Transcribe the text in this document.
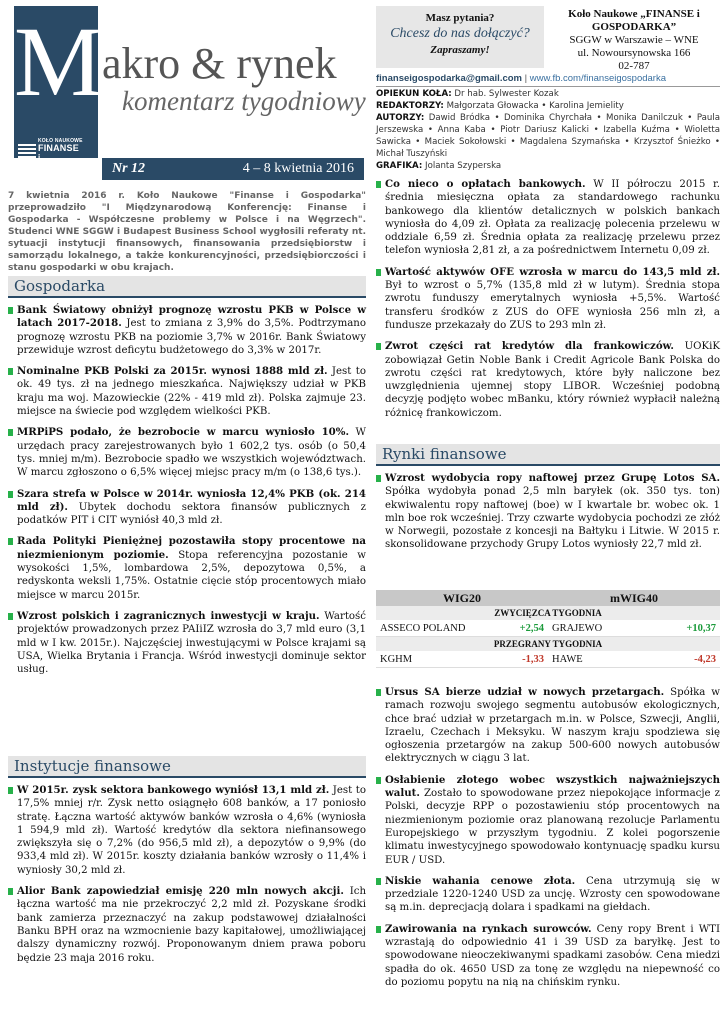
M
KOŁO NAUKOWE
FINANSE
i GOSPODARKA
akro & rynek
komentarz tygodniowy
Nr 12	4 – 8 kwietnia 2016
Masz pytania?
Chcesz do nas dołączyć?
Zapraszamy!
Koło Naukowe „FINANSE i
GOSPODARKA”
SGGW w Warszawie – WNE
ul. Nowoursynowska 166
02-787
finanseigospodarka@gmail.com | www.fb.com/finanseigospodarka
OPIEKUN KOŁA: Dr hab. Sylwester Kozak
REDAKTORZY: Małgorzata Głowacka • Karolina Jemielity
AUTORZY: Dawid Bródka • Dominika Chyrchała • Monika Danilczuk • Paula Jerszewska • Anna Kaba • Piotr Dariusz Kalicki • Izabella Kuźma • Wioletta Sawicka • Maciek Sokołowski • Magdalena Szymańska • Krzysztof Śnieżko • Michał Tuszyński
GRAFIKA: Jolanta Szyperska
7 kwietnia 2016 r. Koło Naukowe "Finanse i Gospodarka" przeprowadziło "I Międzynarodową Konferencję: Finanse i Gospodarka - Współczesne problemy w Polsce i na Węgrzech". Studenci WNE SGGW i Budapest Business School wygłosili referaty nt. sytuacji instytucji finansowych, finansowania przedsiębiorstw i samorządu lokalnego, a także konkurencyjności, przedsiębiorczości i stanu gospodarki w obu krajach.
Gospodarka
Bank Światowy obniżył prognozę wzrostu PKB w Polsce w latach 2017-2018. Jest to zmiana z 3,9% do 3,5%. Podtrzymano prognozę wzrostu PKB na poziomie 3,7% w 2016r. Bank Światowy przewiduje wzrost deficytu budżetowego do 3,3% w 2017r.
Nominalne PKB Polski za 2015r. wynosi 1888 mld zł. Jest to ok. 49 tys. zł na jednego mieszkańca. Największy udział w PKB kraju ma woj. Mazowieckie (22% - 419 mld zł). Polska zajmuje 23. miejsce na świecie pod względem wielkości PKB.
MRPiPS podało, że bezrobocie w marcu wyniosło 10%. W urzędach pracy zarejestrowanych było 1 602,2 tys. osób (o 50,4 tys. mniej m/m). Bezrobocie spadło we wszystkich województwach. W marcu zgłoszono o 6,5% więcej miejsc pracy m/m (o 138,6 tys.).
Szara strefa w Polsce w 2014r. wyniosła 12,4% PKB (ok. 214 mld zł). Ubytek dochodu sektora finansów publicznych z podatków PIT i CIT wyniósł 40,3 mld zł.
Rada Polityki Pieniężnej pozostawiła stopy procentowe na niezmienionym poziomie. Stopa referencyjna pozostanie w wysokości 1,5%, lombardowa 2,5%, depozytowa 0,5%, a redyskonta weksli 1,75%. Ostatnie cięcie stóp procentowych miało miejsce w marcu 2015r.
Wzrost polskich i zagranicznych inwestycji w kraju. Wartość projektów prowadzonych przez PAIiIZ wzrosła do 3,7 mld euro (3,1 mld w I kw. 2015r.). Najczęściej inwestującymi w Polsce krajami są USA, Wielka Brytania i Francja. Wśród inwestycji dominuje sektor usług.
Instytucje finansowe
W 2015r. zysk sektora bankowego wyniósł 13,1 mld zł. Jest to 17,5% mniej r/r. Zysk netto osiągnęło 608 banków, a 17 poniosło stratę. Łączna wartość aktywów banków wzrosła o 4,6% (wyniosła 1 594,9 mld zł). Wartość kredytów dla sektora niefinansowego zwiększyła się o 7,2% (do 956,5 mld zł), a depozytów o 9,9% (do 933,4 mld zł). W 2015r. koszty działania banków wzrosły o 11,4% i wyniosły 30,2 mld zł.
Alior Bank zapowiedział emisję 220 mln nowych akcji. Ich łączna wartość ma nie przekroczyć 2,2 mld zł. Pozyskane środki bank zamierza przeznaczyć na zakup podstawowej działalności Banku BPH oraz na wzmocnienie bazy kapitałowej, umożliwiającej dalszy dynamiczny rozwój. Proponowanym dniem prawa poboru będzie 23 maja 2016 roku.
Co nieco o opłatach bankowych. W II półroczu 2015 r. średnia miesięczna opłata za standardowego rachunku bankowego dla klientów detalicznych w polskich bankach wyniosła do 4,09 zł. Opłata za realizację polecenia przelewu w oddziale 6,59 zł. Średnia opłata za realizację przelewu przez telefon wyniosła 2,81 zł, a za pośrednictwem Internetu 0,09 zł.
Wartość aktywów OFE wzrosła w marcu do 143,5 mld zł. Był to wzrost o 5,7% (135,8 mld zł w lutym). Średnia stopa zwrotu funduszy emerytalnych wyniosła +5,5%. Wartość transferu środków z ZUS do OFE wyniosła 256 mln zł, a fundusze przekazały do ZUS to 293 mln zł.
Zwrot części rat kredytów dla frankowiczów. UOKiK zobowiązał Getin Noble Bank i Credit Agricole Bank Polska do zwrotu części rat kredytowych, które były naliczone bez uwzględnienia ujemnej stopy LIBOR. Wcześniej podobną decyzję podjęto wobec mBanku, który również wypłacił należną różnicę frankowiczom.
Rynki finansowe
Wzrost wydobycia ropy naftowej przez Grupę Lotos SA. Spółka wydobyła ponad 2,5 mln baryłek (ok. 350 tys. ton) ekwiwalentu ropy naftowej (boe) w I kwartale br. wobec ok. 1 mln boe rok wcześniej. Trzy czwarte wydobycia pochodzi ze złóż w Norwegii, pozostałe z koncesji na Bałtyku i Litwie. W 2015 r. skonsolidowane przychody Grupy Lotos wyniosły 22,7 mld zł.
WIG20	mWIG40
ZWYCIĘZCA TYGODNIA
ASSECO POLAND	+2,54 GRAJEWO	+10,37
PRZEGRANY TYGODNIA
KGHM	-1,33 HAWE	-4,23
Ursus SA bierze udział w nowych przetargach. Spółka w ramach rozwoju swojego segmentu autobusów ekologicznych, chce brać udział w przetargach m.in. w Polsce, Szwecji, Anglii, Izraelu, Czechach i Meksyku. W naszym kraju spodziewa się ogłoszenia przetargów na zakup 500-600 nowych autobusów elektrycznych w ciągu 3 lat.
Osłabienie złotego wobec wszystkich najważniejszych walut. Zostało to spowodowane przez niepokojące informacje z Polski, decyzje RPP o pozostawieniu stóp procentowych na niezmienionym poziomie oraz planowaną rezolucje Parlamentu Europejskiego w przyszłym tygodniu. Z kolei pogorszenie klimatu inwestycyjnego spowodowało kontynuację spadku kursu EUR / USD.
Niskie wahania cenowe złota. Cena utrzymują się w przedziale 1220-1240 USD za uncję. Wzrosty cen spowodowane są m.in. deprecjacją dolara i spadkami na giełdach.
Zawirowania na rynkach surowców. Ceny ropy Brent i WTI wzrastają do odpowiednio 41 i 39 USD za baryłkę. Jest to spowodowane nieoczekiwanymi spadkami zasobów. Cena miedzi spadła do ok. 4650 USD za tonę ze względu na niepewność co do poziomu popytu na nią na chińskim rynku.
